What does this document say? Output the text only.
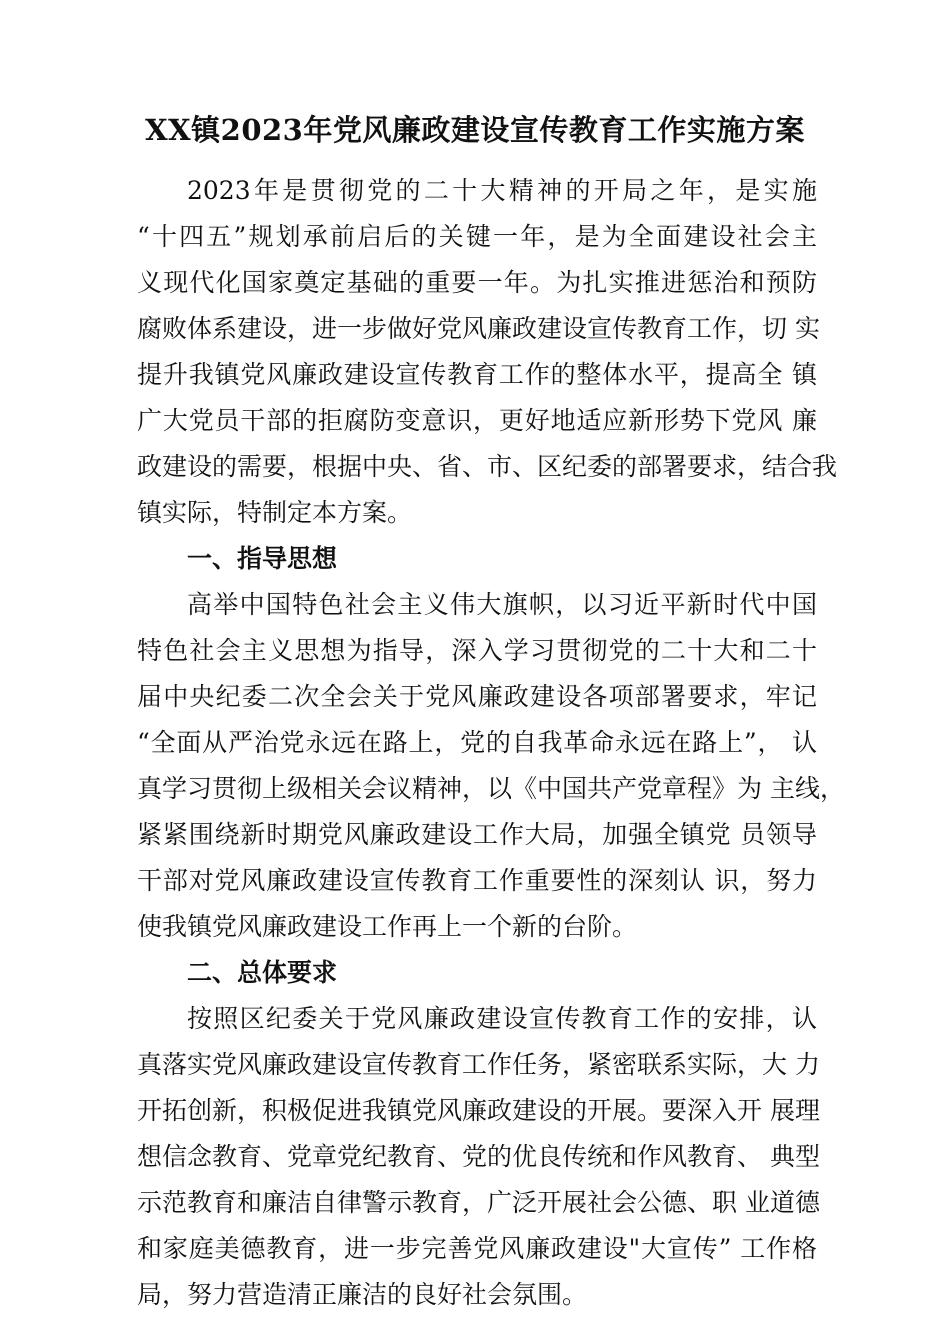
XX镇2023年党风廉政建设宣传教育工作实施方案

2023年是贯彻党的二十大精神的开局之年，是实施

“十四五”规划承前启后的关键一年，是为全面建设社会主

义现代化国家奠定基础的重要一年。为扎实推进惩治和预防

腐败体系建设，进一步做好党风廉政建设宣传教育工作，切 实

提升我镇党风廉政建设宣传教育工作的整体水平，提高全 镇

广大党员干部的拒腐防变意识，更好地适应新形势下党风 廉

政建设的需要，根据中央、省、市、区纪委的部署要求，结合我

镇实际，特制定本方案。

一、指导思想

高举中国特色社会主义伟大旗帜，以习近平新时代中国

特色社会主义思想为指导，深入学习贯彻党的二十大和二十

届中央纪委二次全会关于党风廉政建设各项部署要求，牢记

“全面从严治党永远在路上，党的自我革命永远在路上”， 认

真学习贯彻上级相关会议精神，以《中国共产党章程》为 主线，

紧紧围绕新时期党风廉政建设工作大局，加强全镇党 员领导

干部对党风廉政建设宣传教育工作重要性的深刻认 识，努力

使我镇党风廉政建设工作再上一个新的台阶。

二、总体要求

按照区纪委关于党风廉政建设宣传教育工作的安排，认

真落实党风廉政建设宣传教育工作任务，紧密联系实际，大 力

开拓创新，积极促进我镇党风廉政建设的开展。要深入开 展理

想信念教育、党章党纪教育、党的优良传统和作风教育、 典型

示范教育和廉洁自律警示教育，广泛开展社会公德、职 业道德

和家庭美德教育，进一步完善党风廉政建设"大宣传” 工作格

局，努力营造清正廉洁的良好社会氛围。
